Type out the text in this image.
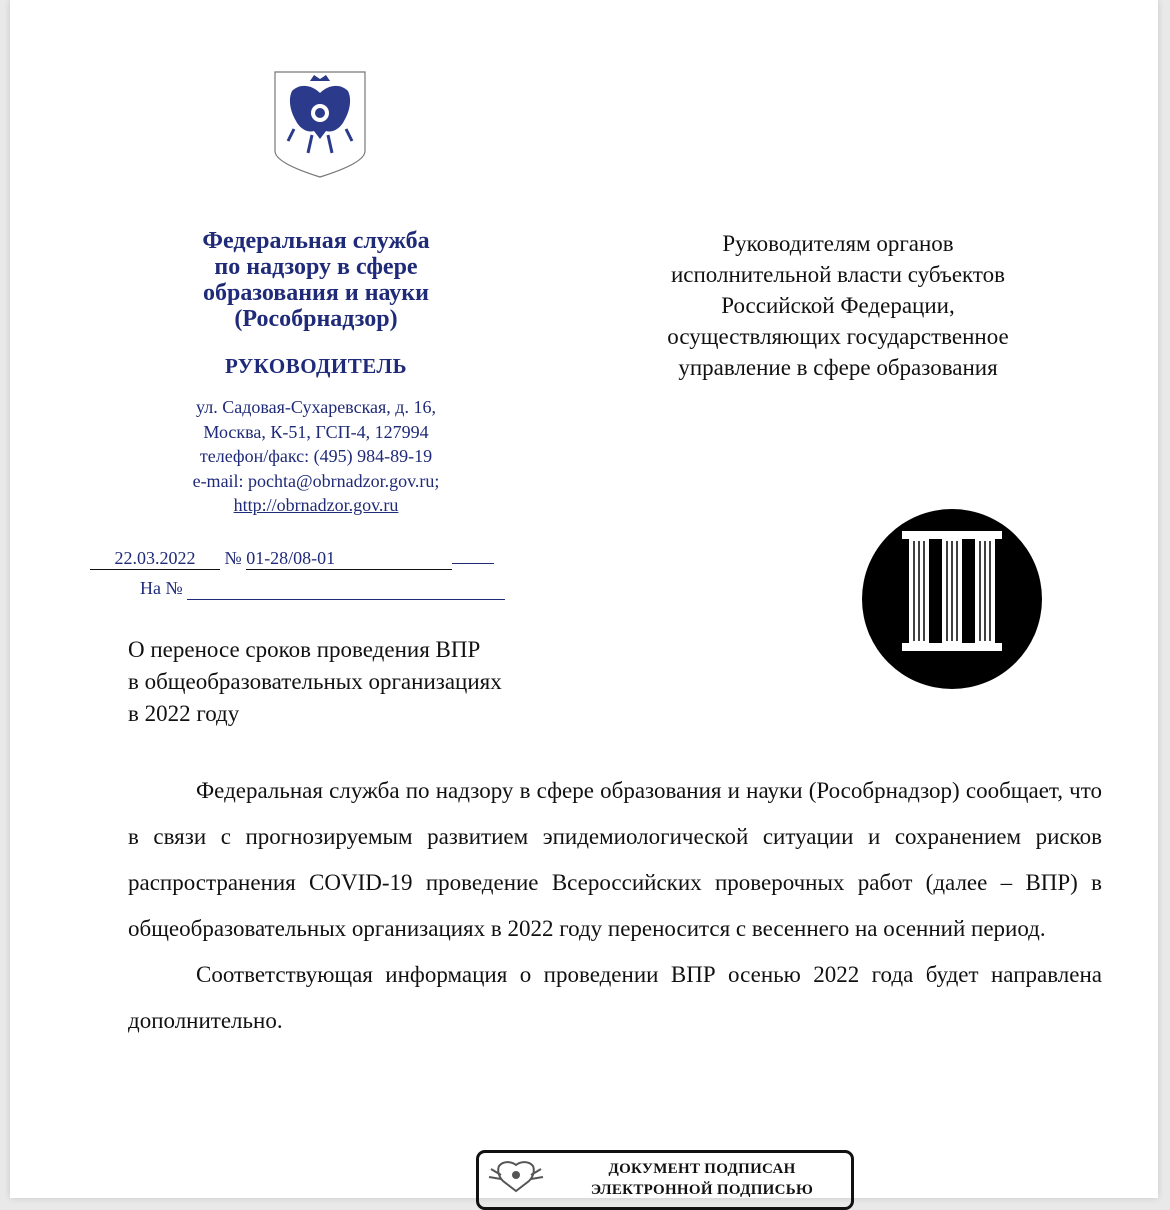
Федеральная служба
по надзору в сфере
образования и науки
(Рособрнадзор)
РУКОВОДИТЕЛЬ
ул. Садовая-Сухаревская, д. 16,
Москва, К-51, ГСП-4, 127994
телефон/факс: (495) 984-89-19
e-mail: pochta@obrnadzor.gov.ru;
http://obrnadzor.gov.ru
Руководителям органов
исполнительной власти субъектов
Российской Федерации,
осуществляющих государственное
управление в сфере образования
22.03.2022 № 01-28/08-01
На №
О переносе сроков проведения ВПР
в общеобразовательных организациях
в 2022 году

Федеральная служба по надзору в сфере образования и науки (Рособрнадзор) сообщает, что в связи с прогнозируемым развитием эпидемиологической ситуации и сохранением рисков распространения COVID-19 проведение Всероссийских проверочных работ (далее – ВПР) в общеобразовательных организациях в 2022 году переносится с весеннего на осенний период.

Соответствующая информация о проведении ВПР осенью 2022 года будет направлена дополнительно.

ДОКУМЕНТ ПОДПИСАН
ЭЛЕКТРОННОЙ ПОДПИСЬЮ
